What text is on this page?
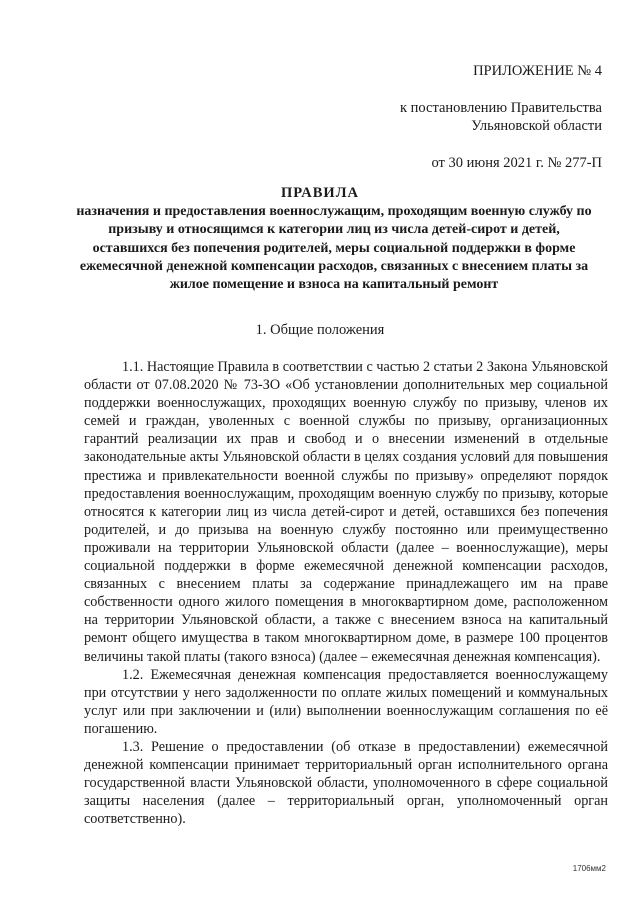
ПРИЛОЖЕНИЕ № 4
к постановлению Правительства
Ульяновской области
от 30 июня 2021 г. № 277-П
ПРАВИЛА
назначения и предоставления военнослужащим, проходящим военную службу по призыву и относящимся к категории лиц из числа детей-сирот и детей, оставшихся без попечения родителей, меры социальной поддержки в форме ежемесячной денежной компенсации расходов, связанных с внесением платы за жилое помещение и взноса на капитальный ремонт
1. Общие положения

1.1. Настоящие Правила в соответствии с частью 2 статьи 2 Закона Ульяновской области от 07.08.2020 № 73-ЗО «Об установлении дополнительных мер социальной поддержки военнослужащих, проходящих военную службу по призыву, членов их семей и граждан, уволенных с военной службы по призыву, организационных гарантий реализации их прав и свобод и о внесении изменений в отдельные законодательные акты Ульяновской области в целях создания условий для повышения престижа и привлекательности военной службы по призыву» определяют порядок предоставления военнослужащим, проходящим военную службу по призыву, которые относятся к категории лиц из числа детей-сирот и детей, оставшихся без попечения родителей, и до призыва на военную службу постоянно или преимущественно проживали на территории Ульяновской области (далее – военнослужащие), меры социальной поддержки в форме ежемесячной денежной компенсации расходов, связанных с внесением платы за содержание принадлежащего им на праве собственности одного жилого помещения в многоквартирном доме, расположенном на территории Ульяновской области, а также с внесением взноса на капитальный ремонт общего имущества в таком многоквартирном доме, в размере 100 процентов величины такой платы (такого взноса) (далее – ежемесячная денежная компенсация).

1.2. Ежемесячная денежная компенсация предоставляется военнослужащему при отсутствии у него задолженности по оплате жилых помещений и коммунальных услуг или при заключении и (или) выполнении военнослужащим соглашения по её погашению.

1.3. Решение о предоставлении (об отказе в предоставлении) ежемесячной денежной компенсации принимает территориальный орган исполнительного органа государственной власти Ульяновской области, уполномоченного в сфере социальной защиты населения (далее – территориальный орган, уполномоченный орган соответственно).

1706мм2
